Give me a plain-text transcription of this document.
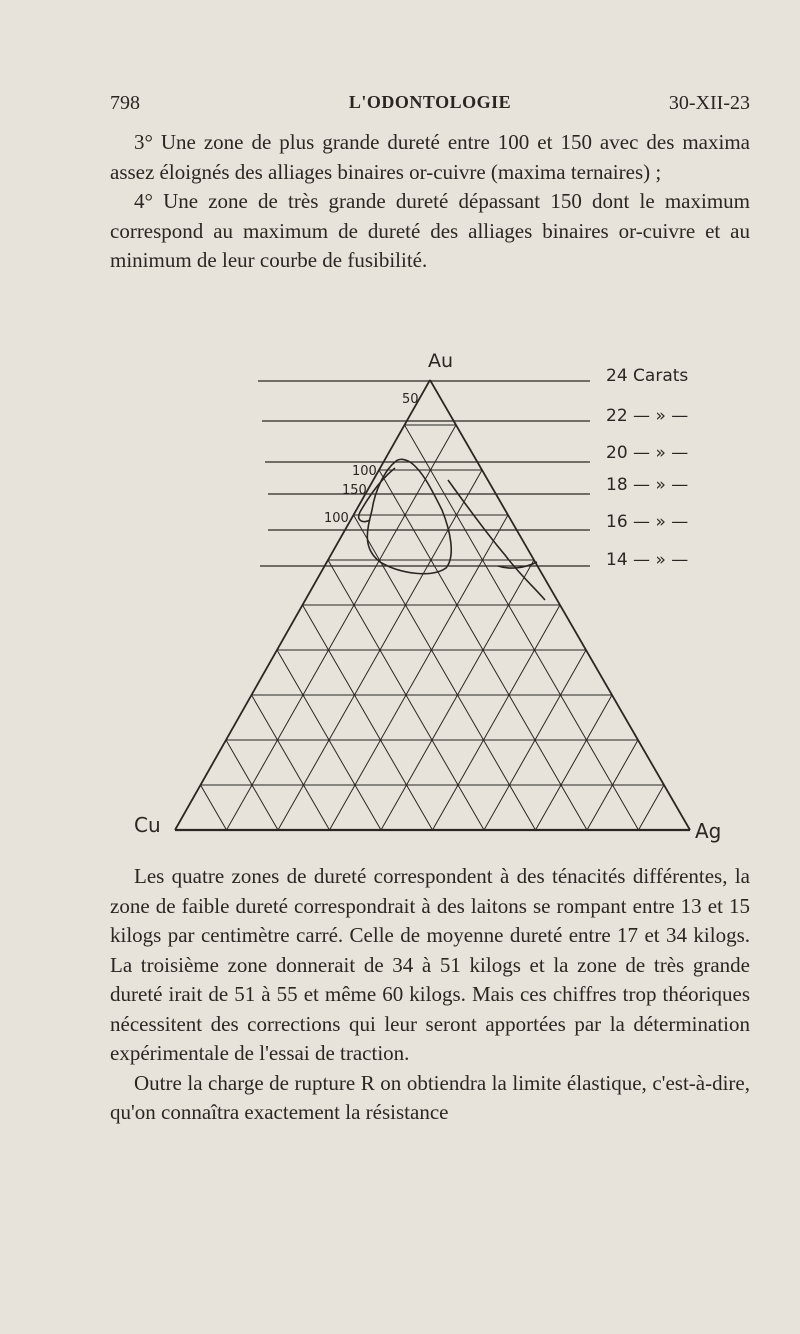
798	L'ODONTOLOGIE	30-XII-23

3° Une zone de plus grande dureté entre 100 et 150 avec des maxima assez éloignés des alliages binaires or-cuivre (maxima ternaires) ;

4° Une zone de très grande dureté dépassant 150 dont le maximum correspond au maximum de dureté des alliages binaires or-cuivre et au minimum de leur courbe de fusibilité.

Au
Cu	Ag
24 Carats
22 — » —
20 — » —
18 — » —
16 — » —
14 — » —
50
100
150
100

Les quatre zones de dureté correspondent à des ténacités différentes, la zone de faible dureté correspondrait à des laitons se rompant entre 13 et 15 kilogs par centimètre carré. Celle de moyenne dureté entre 17 et 34 kilogs. La troisième zone donnerait de 34 à 51 kilogs et la zone de très grande dureté irait de 51 à 55 et même 60 kilogs. Mais ces chiffres trop théoriques nécessitent des corrections qui leur seront apportées par la détermination expérimentale de l'essai de traction.

Outre la charge de rupture R on obtiendra la limite élastique, c'est-à-dire, qu'on connaîtra exactement la résistance
